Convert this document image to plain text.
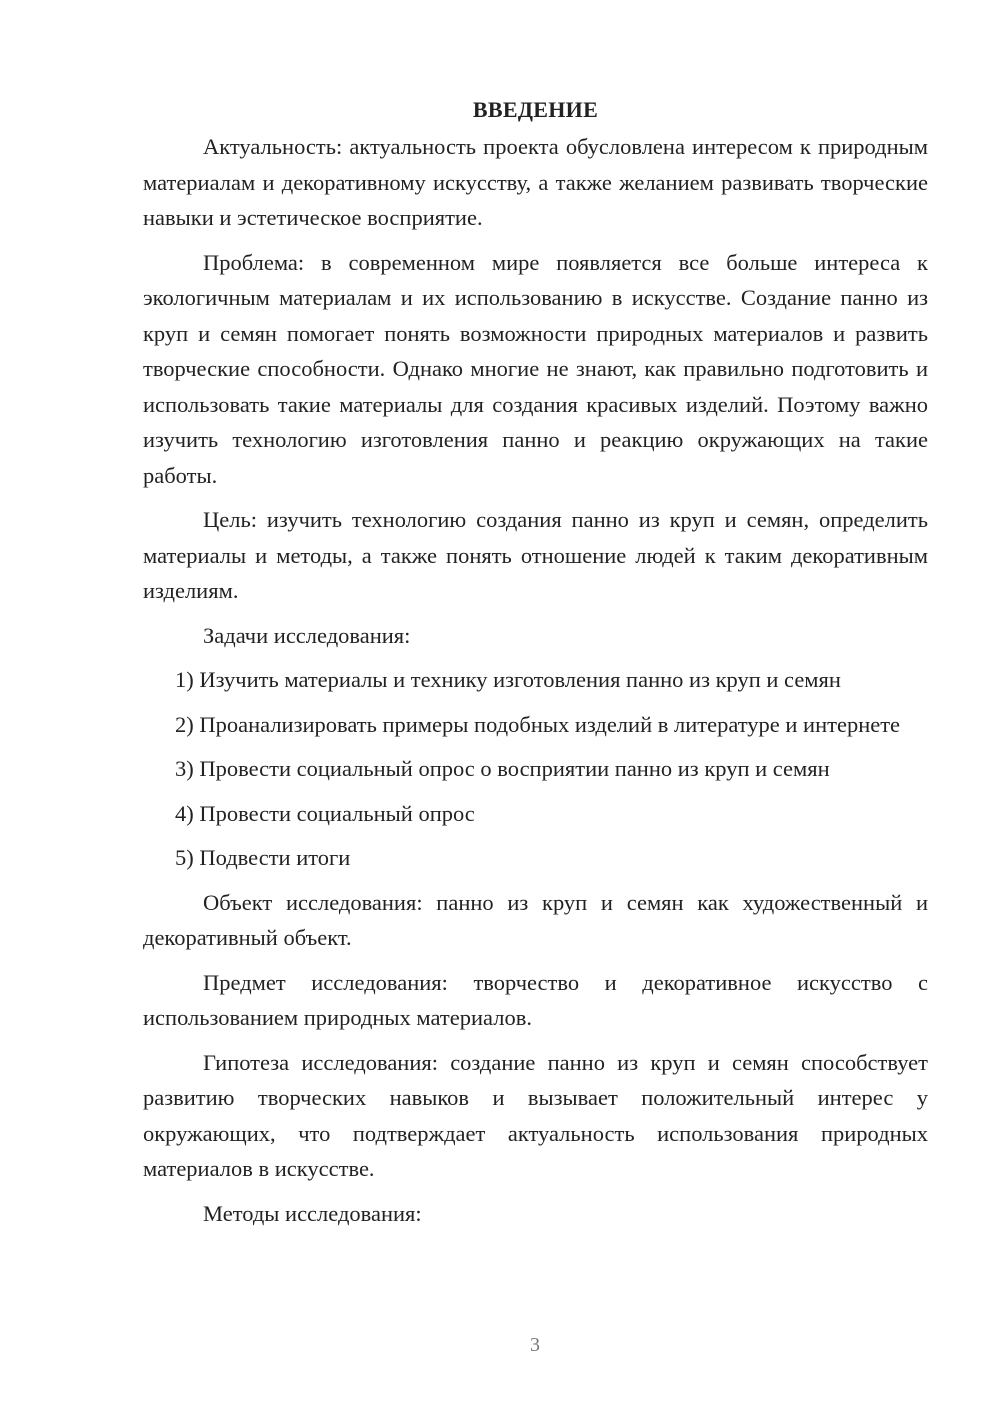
ВВЕДЕНИЕ

Актуальность: актуальность проекта обусловлена интересом к природным материалам и декоративному искусству, а также желанием развивать творческие навыки и эстетическое восприятие.

Проблема: в современном мире появляется все больше интереса к экологичным материалам и их использованию в искусстве. Создание панно из круп и семян помогает понять возможности природных материалов и развить творческие способности. Однако многие не знают, как правильно подготовить и использовать такие материалы для создания красивых изделий. Поэтому важно изучить технологию изготовления панно и реакцию окружающих на такие работы.

Цель: изучить технологию создания панно из круп и семян, определить материалы и методы, а также понять отношение людей к таким декоративным изделиям.

Задачи исследования:

1) Изучить материалы и технику изготовления панно из круп и семян

2) Проанализировать примеры подобных изделий в литературе и интернете

3) Провести социальный опрос о восприятии панно из круп и семян

4) Провести социальный опрос

5) Подвести итоги

Объект исследования: панно из круп и семян как художественный и декоративный объект.

Предмет исследования: творчество и декоративное искусство с использованием природных материалов.

Гипотеза исследования: создание панно из круп и семян способствует развитию творческих навыков и вызывает положительный интерес у окружающих, что подтверждает актуальность использования природных материалов в искусстве.

Методы исследования:

3
